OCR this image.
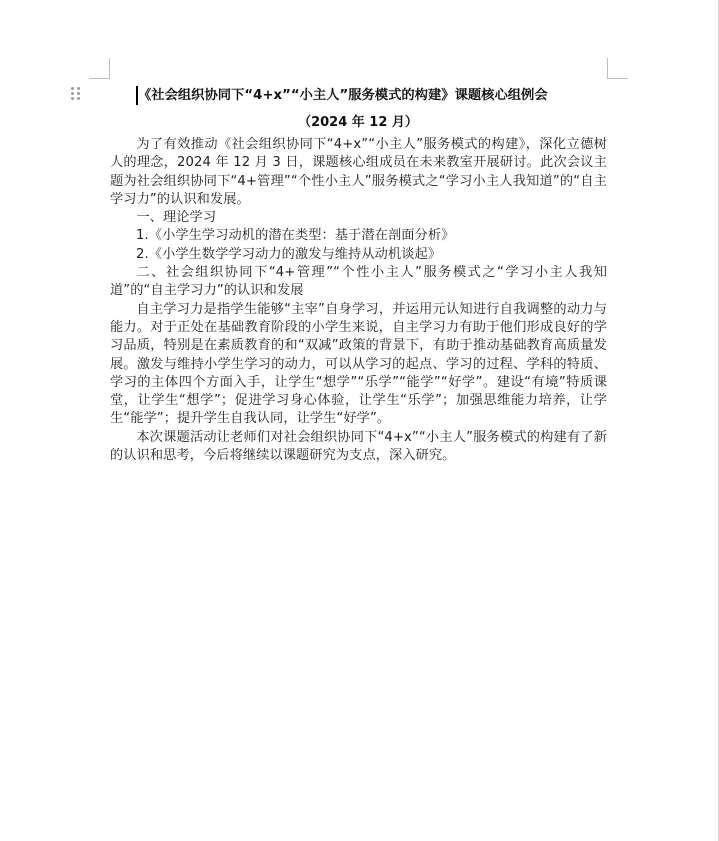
《社会组织协同下“4+x”“小主人”服务模式的构建》课题核心组例会
（2024 年 12 月）

为了有效推动《社会组织协同下“4+x”“小主人”服务模式的构建》，深化立德树人的理念，2024 年 12 月 3 日，课题核心组成员在未来教室开展研讨。此次会议主题为社会组织协同下“4+管理”“个性小主人”服务模式之“学习小主人我知道”的“自主学习力”的认识和发展。

一、理论学习

1.《小学生学习动机的潜在类型：基于潜在剖面分析》

2.《小学生数学学习动力的激发与维持从动机谈起》

二、社会组织协同下“4+管理”“个性小主人”服务模式之“学习小主人我知道”的“自主学习力”的认识和发展

自主学习力是指学生能够“主宰”自身学习，并运用元认知进行自我调整的动力与能力。对于正处在基础教育阶段的小学生来说，自主学习力有助于他们形成良好的学习品质，特别是在素质教育的和“双减”政策的背景下，有助于推动基础教育高质量发展。激发与维持小学生学习的动力，可以从学习的起点、学习的过程、学科的特质、学习的主体四个方面入手，让学生“想学”“乐学”“能学”“好学”。建设“有境”特质课堂，让学生“想学”；促进学习身心体验，让学生“乐学”；加强思维能力培养，让学生“能学”；提升学生自我认同，让学生“好学”。

本次课题活动让老师们对社会组织协同下“4+x”“小主人”服务模式的构建有了新的认识和思考，今后将继续以课题研究为支点，深入研究。
